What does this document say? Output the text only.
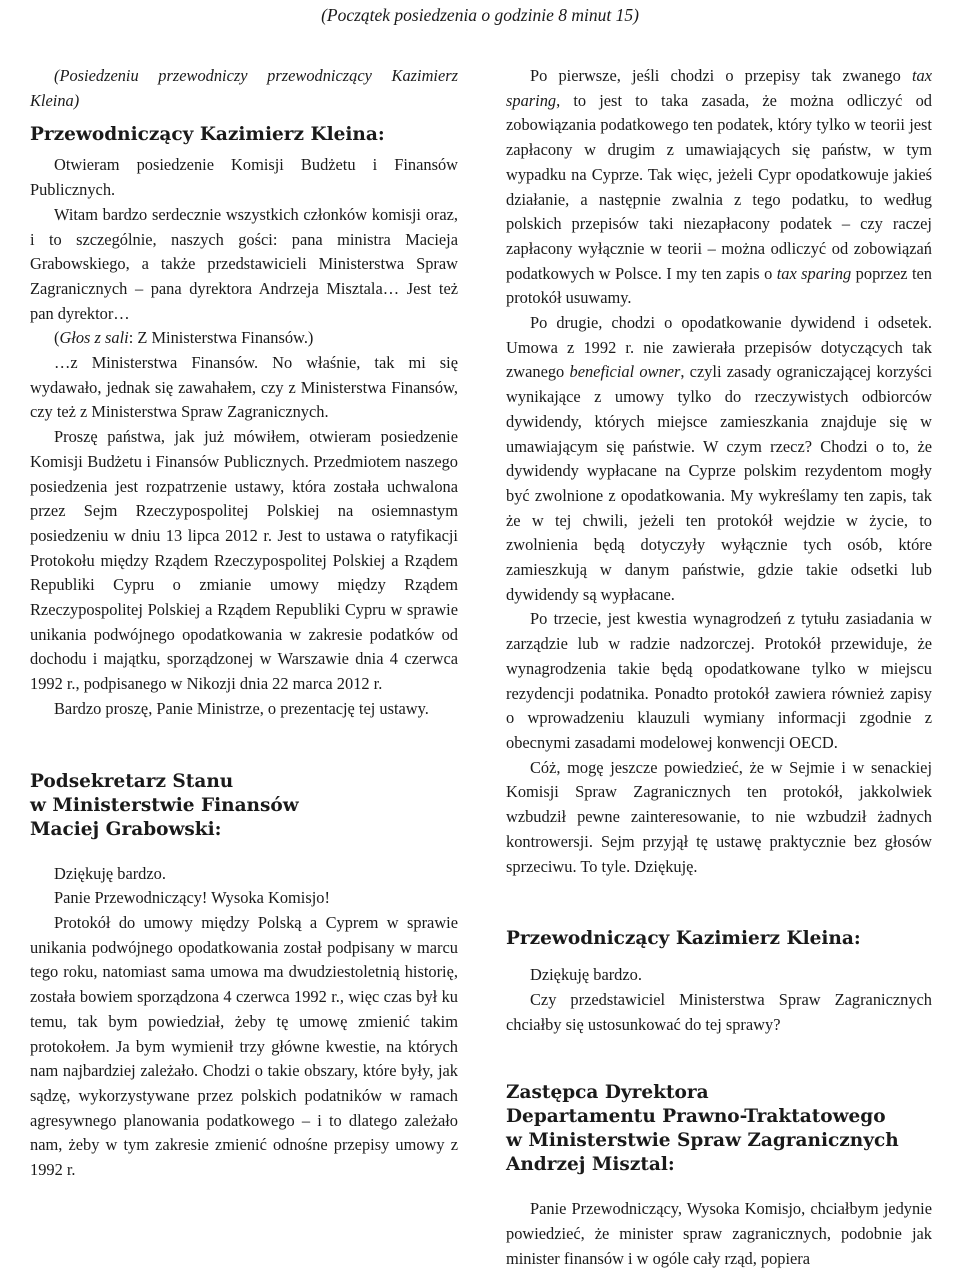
(Początek posiedzenia o godzinie 8 minut 15)

(Posiedzeniu przewodniczy przewodniczący Kazimierz Kleina)

Przewodniczący Kazimierz Kleina:

Otwieram posiedzenie Komisji Budżetu i Finansów Publicznych.

Witam bardzo serdecznie wszystkich członków komisji oraz, i to szczególnie, naszych gości: pana ministra Macieja Grabowskiego, a także przedstawicieli Ministerstwa Spraw Zagranicznych – pana dyrektora Andrzeja Misztala… Jest też pan dyrektor…

(Głos z sali: Z Ministerstwa Finansów.)

…z Ministerstwa Finansów. No właśnie, tak mi się wydawało, jednak się zawahałem, czy z Ministerstwa Finansów, czy też z Ministerstwa Spraw Zagranicznych.

Proszę państwa, jak już mówiłem, otwieram posiedzenie Komisji Budżetu i Finansów Publicznych. Przedmiotem naszego posiedzenia jest rozpatrzenie ustawy, która została uchwalona przez Sejm Rzeczypospolitej Polskiej na osiemnastym posiedzeniu w dniu 13 lipca 2012 r. Jest to ustawa o ratyfikacji Protokołu między Rządem Rzeczypospolitej Polskiej a Rządem Republiki Cypru o zmianie umowy między Rządem Rzeczypospolitej Polskiej a Rządem Republiki Cypru w sprawie unikania podwójnego opodatkowania w zakresie podatków od dochodu i majątku, sporządzonej w Warszawie dnia 4 czerwca 1992 r., podpisanego w Nikozji dnia 22 marca 2012 r.

Bardzo proszę, Panie Ministrze, o prezentację tej ustawy.

Podsekretarz Stanu
w Ministerstwie Finansów
Maciej Grabowski:

Dziękuję bardzo.

Panie Przewodniczący! Wysoka Komisjo!

Protokół do umowy między Polską a Cyprem w sprawie unikania podwójnego opodatkowania został podpisany w marcu tego roku, natomiast sama umowa ma dwudziestoletnią historię, została bowiem sporządzona 4 czerwca 1992 r., więc czas był ku temu, tak bym powiedział, żeby tę umowę zmienić takim protokołem. Ja bym wymienił trzy główne kwestie, na których nam najbardziej zależało. Chodzi o takie obszary, które były, jak sądzę, wykorzystywane przez polskich podatników w ramach agresywnego planowania podatkowego – i to dlatego zależało nam, żeby w tym zakresie zmienić odnośne przepisy umowy z 1992 r.

Po pierwsze, jeśli chodzi o przepisy tak zwanego tax sparing, to jest to taka zasada, że można odliczyć od zobowiązania podatkowego ten podatek, który tylko w teorii jest zapłacony w drugim z umawiających się państw, w tym wypadku na Cyprze. Tak więc, jeżeli Cypr opodatkowuje jakieś działanie, a następnie zwalnia z tego podatku, to według polskich przepisów taki niezapłacony podatek – czy raczej zapłacony wyłącznie w teorii – można odliczyć od zobowiązań podatkowych w Polsce. I my ten zapis o tax sparing poprzez ten protokół usuwamy.

Po drugie, chodzi o opodatkowanie dywidend i odsetek. Umowa z 1992 r. nie zawierała przepisów dotyczących tak zwanego beneficial owner, czyli zasady ograniczającej korzyści wynikające z umowy tylko do rzeczywistych odbiorców dywidendy, których miejsce zamieszkania znajduje się w umawiającym się państwie. W czym rzecz? Chodzi o to, że dywidendy wypłacane na Cyprze polskim rezydentom mogły być zwolnione z opodatkowania. My wykreślamy ten zapis, tak że w tej chwili, jeżeli ten protokół wejdzie w życie, to zwolnienia będą dotyczyły wyłącznie tych osób, które zamieszkują w danym państwie, gdzie takie odsetki lub dywidendy są wypłacane.

Po trzecie, jest kwestia wynagrodzeń z tytułu zasiadania w zarządzie lub w radzie nadzorczej. Protokół przewiduje, że wynagrodzenia takie będą opodatkowane tylko w miejscu rezydencji podatnika. Ponadto protokół zawiera również zapisy o wprowadzeniu klauzuli wymiany informacji zgodnie z obecnymi zasadami modelowej konwencji OECD.

Cóż, mogę jeszcze powiedzieć, że w Sejmie i w senackiej Komisji Spraw Zagranicznych ten protokół, jakkolwiek wzbudził pewne zainteresowanie, to nie wzbudził żadnych kontrowersji. Sejm przyjął tę ustawę praktycznie bez głosów sprzeciwu. To tyle. Dziękuję.

Przewodniczący Kazimierz Kleina:

Dziękuję bardzo.

Czy przedstawiciel Ministerstwa Spraw Zagranicznych chciałby się ustosunkować do tej sprawy?

Zastępca Dyrektora
Departamentu Prawno-Traktatowego
w Ministerstwie Spraw Zagranicznych
Andrzej Misztal:

Panie Przewodniczący, Wysoka Komisjo, chciałbym jedynie powiedzieć, że minister spraw zagranicznych, podobnie jak minister finansów i w ogóle cały rząd, popiera
